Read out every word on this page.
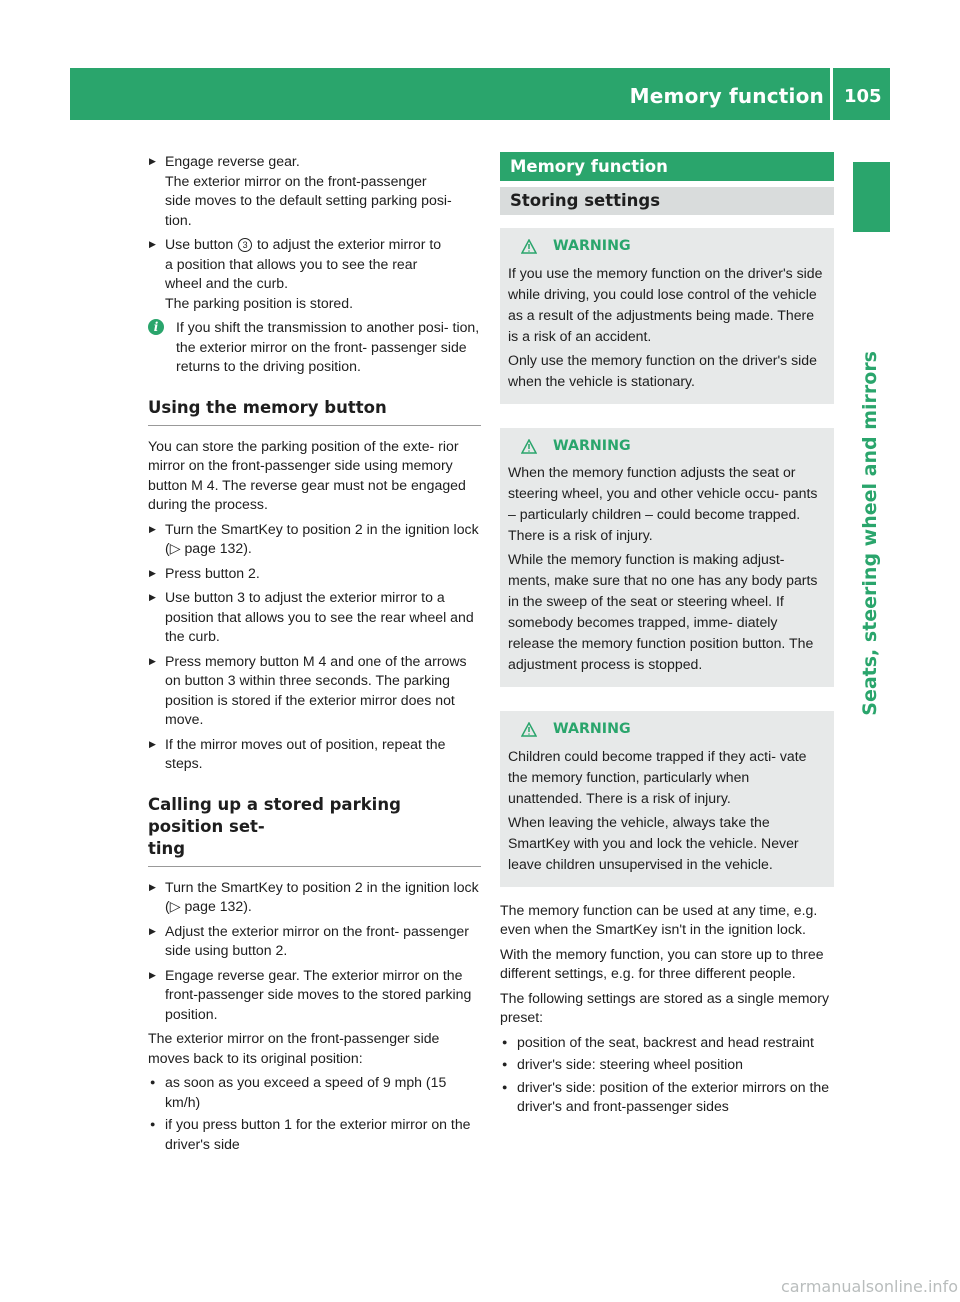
Memory function 105
Seats, steering wheel and mirrors
▶ Engage reverse gear.
The exterior mirror on the front-passenger
side moves to the default setting parking posi-
tion.
▶ Use button 3 to adjust the exterior mirror to
a position that allows you to see the rear
wheel and the curb.
The parking position is stored.
i	If you shift the transmission to another posi- tion, the exterior mirror on the front- passenger side returns to the driving position.
Using the memory button

You can store the parking position of the exte- rior mirror on the front-passenger side using memory button M 4. The reverse gear must not be engaged during the process.

▶ Turn the SmartKey to position 2 in the ignition lock (▷ page 132).
▶ Press button 2.
▶ Use button 3 to adjust the exterior mirror to a position that allows you to see the rear wheel and the curb.
▶ Press memory button M 4 and one of the arrows on button 3 within three seconds. The parking position is stored if the exterior mirror does not move.
▶ If the mirror moves out of position, repeat the steps.
Calling up a stored parking position set-
ting
▶ Turn the SmartKey to position 2 in the ignition lock (▷ page 132).
▶ Adjust the exterior mirror on the front- passenger side using button 2.
▶ Engage reverse gear. The exterior mirror on the front-passenger side moves to the stored parking position.

The exterior mirror on the front-passenger side moves back to its original position:

● as soon as you exceed a speed of 9 mph (15 km/h)
● if you press button 1 for the exterior mirror on the driver's side
Memory function
Storing settings
WARNING

If you use the memory function on the driver's side while driving, you could lose control of the vehicle as a result of the adjustments being made. There is a risk of an accident.

Only use the memory function on the driver's side when the vehicle is stationary.

WARNING

When the memory function adjusts the seat or steering wheel, you and other vehicle occu- pants – particularly children – could become trapped. There is a risk of injury.

While the memory function is making adjust- ments, make sure that no one has any body parts in the sweep of the seat or steering wheel. If somebody becomes trapped, imme- diately release the memory function position button. The adjustment process is stopped.

WARNING

Children could become trapped if they acti- vate the memory function, particularly when unattended. There is a risk of injury.

When leaving the vehicle, always take the SmartKey with you and lock the vehicle. Never leave children unsupervised in the vehicle.

The memory function can be used at any time, e.g. even when the SmartKey isn't in the ignition lock.

With the memory function, you can store up to three different settings, e.g. for three different people.

The following settings are stored as a single memory preset:

● position of the seat, backrest and head restraint
● driver's side: steering wheel position
● driver's side: position of the exterior mirrors on the driver's and front-passenger sides
carmanualsonline.info
